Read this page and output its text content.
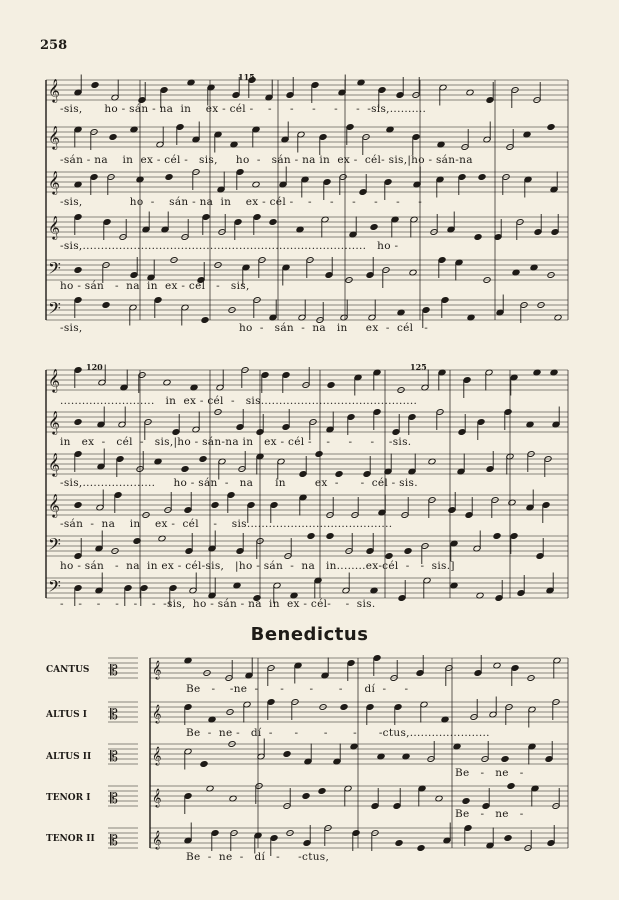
258
𝄞
𝄞
𝄞
𝄞
𝄢
𝄢
𝄞
𝄞
𝄞
𝄞
𝄢
𝄢
𝄡 𝄞
𝄡 𝄞
𝄡 𝄞
𝄡 𝄞
𝄡 𝄞
115
-sis,      ho - sán - na  in    ex - cél -    -     -     -     -     -  -sis,..........
-sán - na    in  ex - cél -   sis,     ho  -   sán - na in  ex -  cél- sis,|ho - sán-na
-sis,             ho  -    sán - na  in    ex - cél -    -     -     -     -     -     -
-sis,..............................................................................   ho -
ho - sán   -  na  in  ex - cél   -   sis,
-sis,                                           ho  -   sán  -  na   in     ex  -  cél   -
120	125
..........................   in  ex - cél  -   sis...........................................
in   ex  -   cél  -   sis,|ho - sán-na in   ex - cél -    -     -     -    -sis.
-sis,....................     ho - sán  -   na      in        ex  -      -  cél - sis.
-sán  -  na    in    ex -  cél    -    sis........................................
ho - sán   -  na  in ex - cél-sis,   |ho - sán  -  na   in........ex-cél  -   -  sis.]
-    -    -    -    -    -  -sis,  ho - sán - na  in  ex - cél-    -  sis.
Benedictus
CANTUS
ALTUS I
ALTUS II
TENOR I
TENOR II
Be   -    -ne  -      -       -       -      dí  -     -
Be  -  ne -   dí  -      -       -       -      -ctus,......................
Be   -   ne   -
Be   -   ne   -
Be  -  ne  -   dí   -     -ctus,
